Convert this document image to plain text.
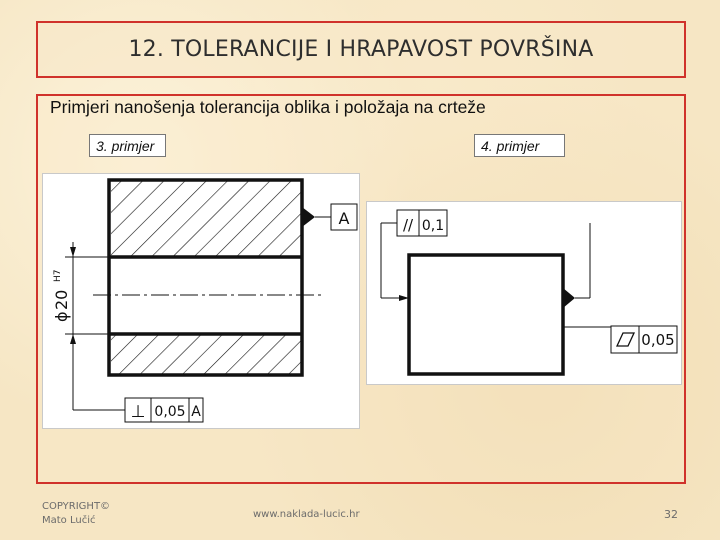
12. TOLERANCIJE I HRAPAVOST POVRŠINA
Primjeri nanošenja tolerancija oblika i položaja na crteže
3. primjer	4. primjer
ϕ
20
H7
A
⊥ 0,05 A
// 0,1
0,05
COPYRIGHT©
Mato Lučić
www.naklada-lucic.hr	32
